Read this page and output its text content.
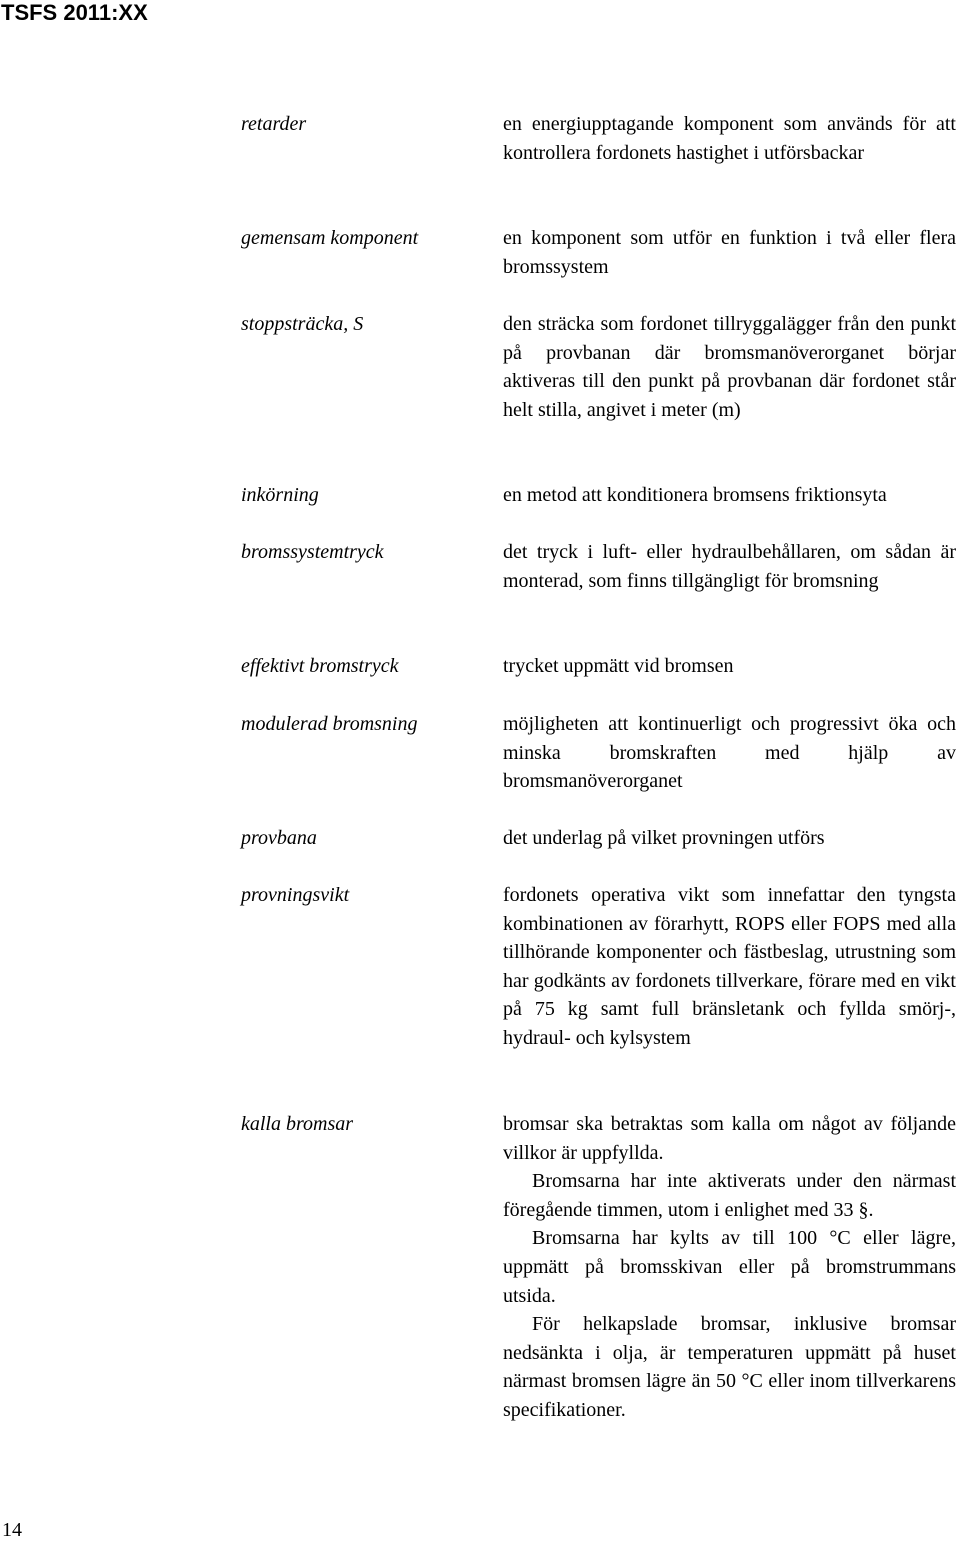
TSFS 2011:XX
retarder	en energiupptagande komponent som används för att kontrollera fordonets hastighet i utförsbackar

gemensam komponent	en komponent som utför en funktion i två eller flera bromssystem

stoppsträcka, S	den sträcka som fordonet tillryggalägger från den punkt på provbanan där bromsmanöverorganet börjar aktiveras till den punkt på provbanan där fordonet står helt stilla, angivet i meter (m)

inkörning	en metod att konditionera bromsens friktionsyta

bromssystemtryck	det tryck i luft- eller hydraulbehållaren, om sådan är monterad, som finns tillgängligt för bromsning

effektivt bromstryck	trycket uppmätt vid bromsen

modulerad bromsning	möjligheten att kontinuerligt och progressivt öka och minska bromskraften med hjälp av bromsmanöverorganet

provbana	det underlag på vilket provningen utförs

provningsvikt	fordonets operativa vikt som innefattar den tyngsta kombinationen av förarhytt, ROPS eller FOPS med alla tillhörande komponenter och fästbeslag, utrustning som har godkänts av fordonets tillverkare, förare med en vikt på 75 kg samt full bränsletank och fyllda smörj-, hydraul- och kylsystem

kalla bromsar	bromsar ska betraktas som kalla om något av följande villkor är uppfyllda.

Bromsarna har inte aktiverats under den närmast föregående timmen, utom i enlighet med 33 §.

Bromsarna har kylts av till 100 °C eller lägre, uppmätt på bromsskivan eller på bromstrummans utsida.

För helkapslade bromsar, inklusive bromsar nedsänkta i olja, är temperaturen uppmätt på huset närmast bromsen lägre än 50 °C eller inom tillverkarens specifikationer.

14
